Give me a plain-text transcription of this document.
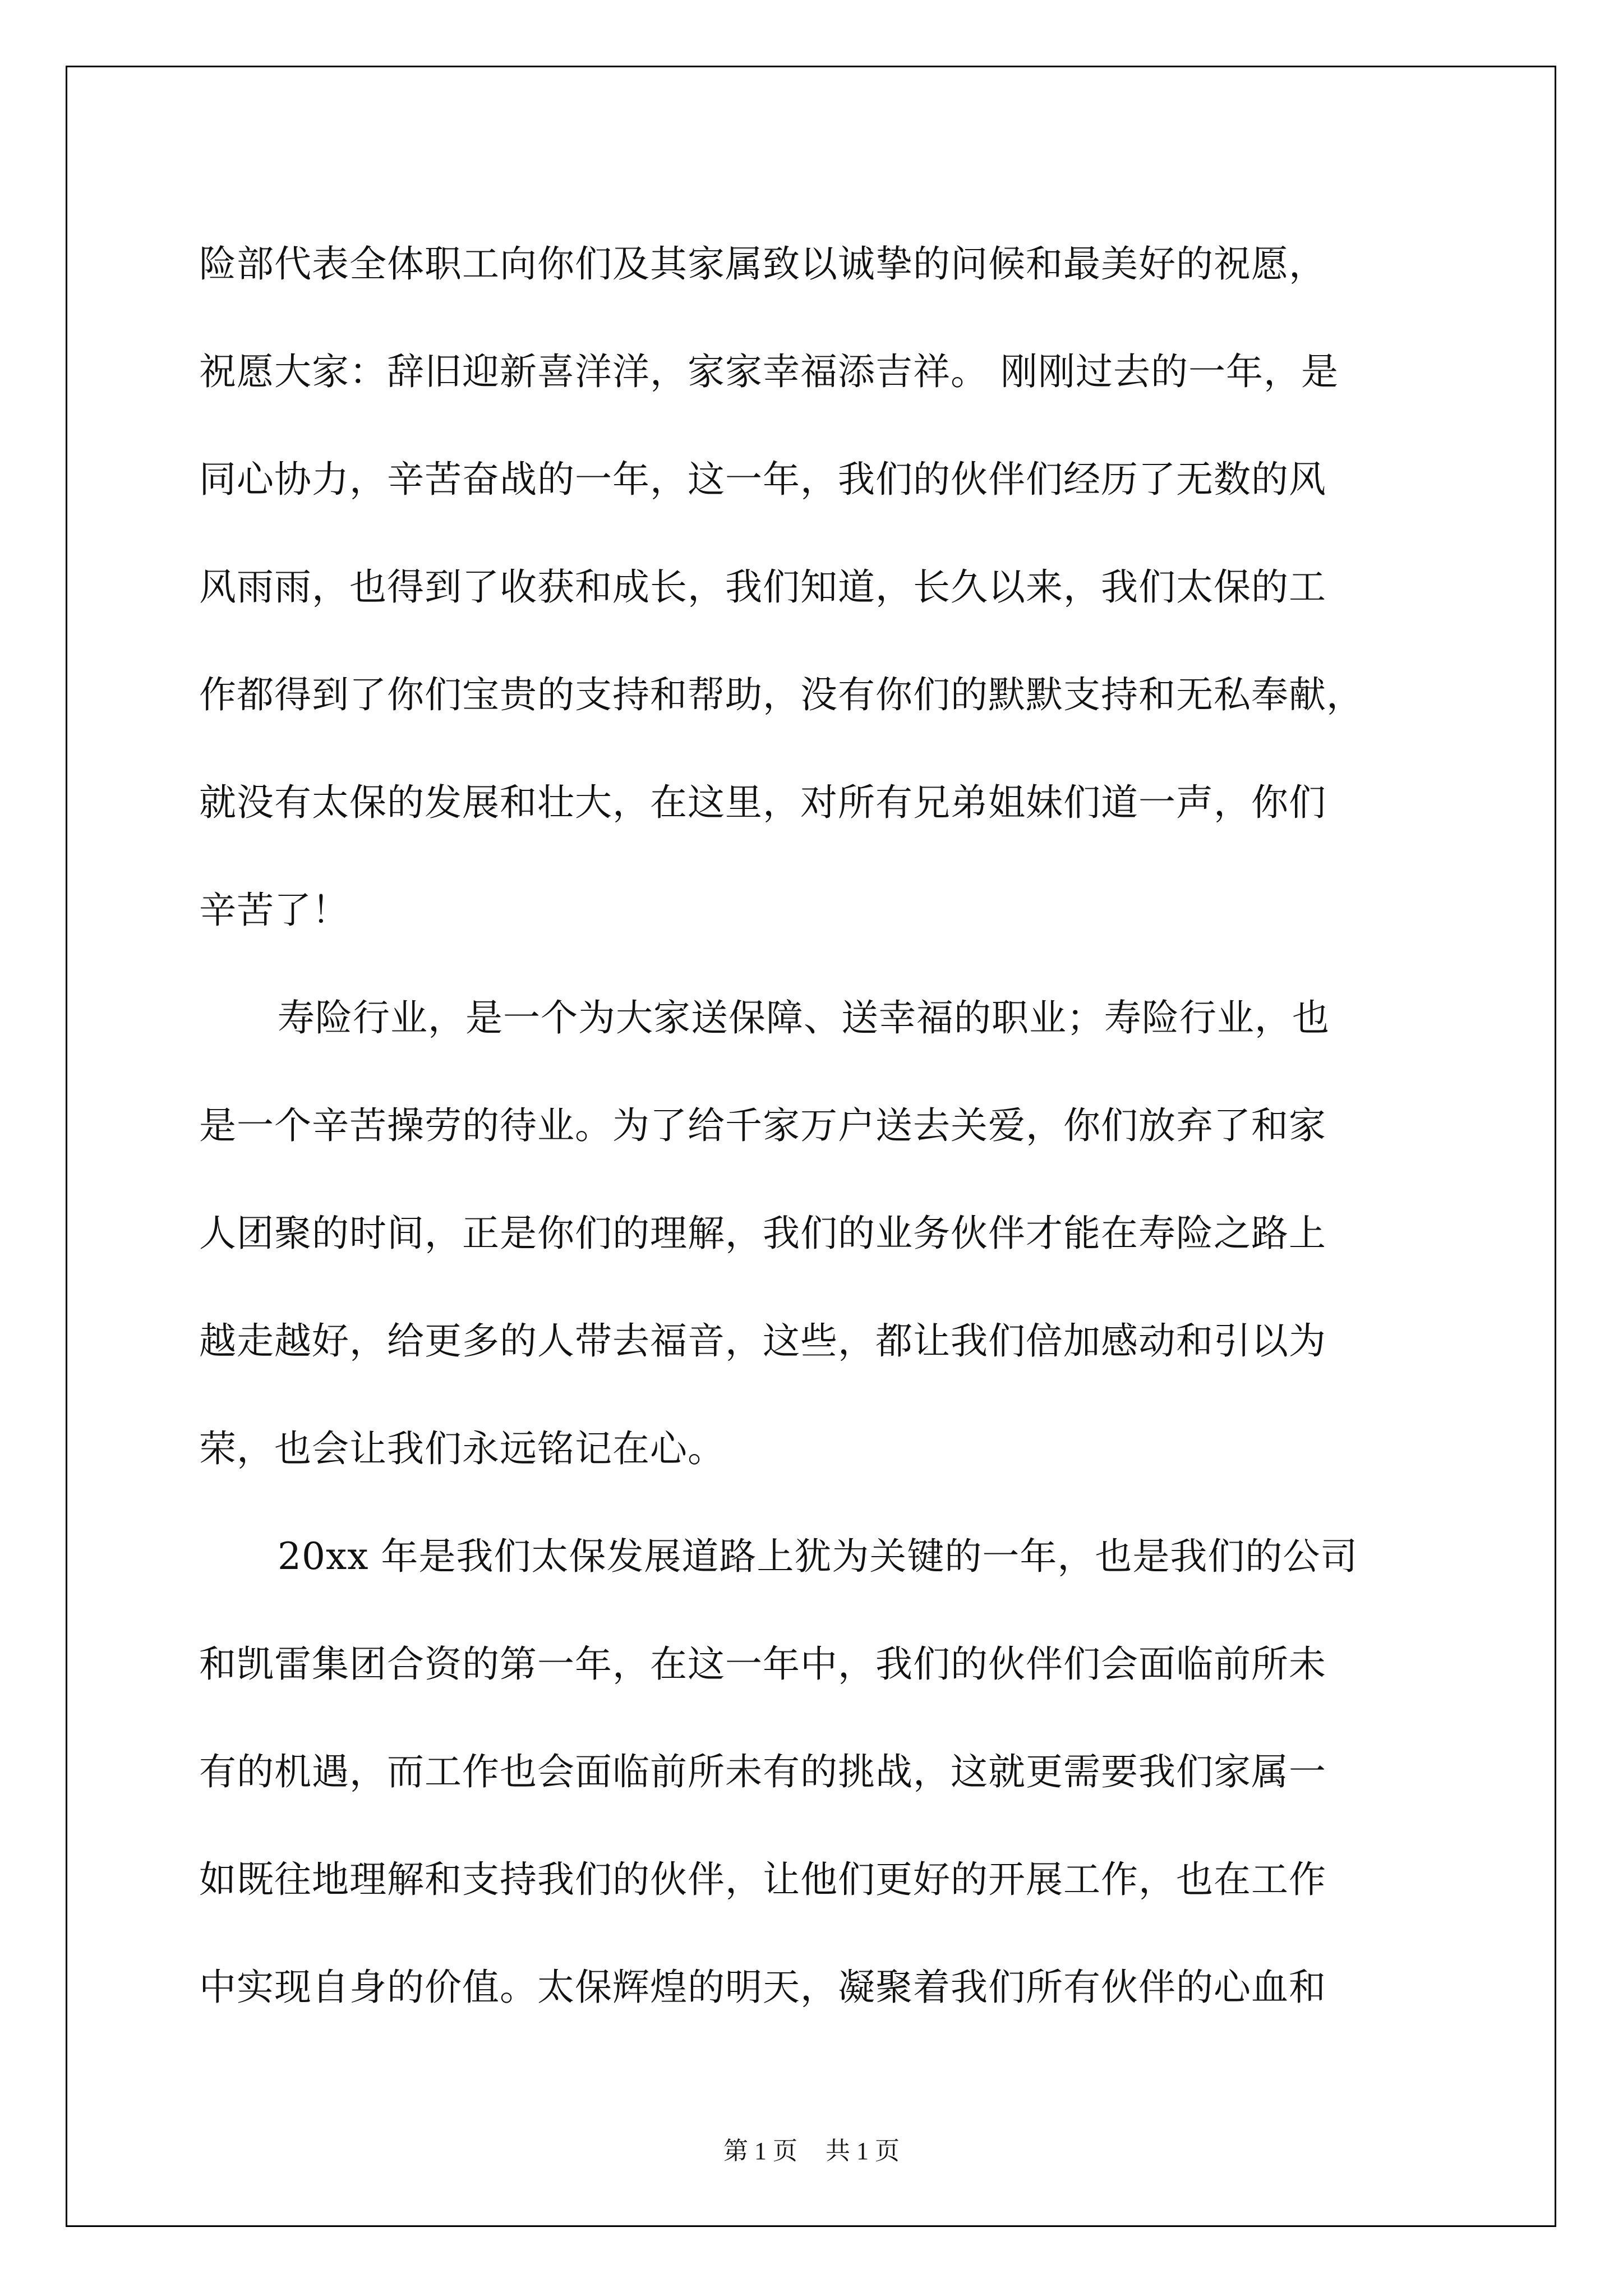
险部代表全体职工向你们及其家属致以诚挚的问候和最美好的祝愿，
祝愿大家：辞旧迎新喜洋洋，家家幸福添吉祥。 刚刚过去的一年，是
同心协力，辛苦奋战的一年，这一年，我们的伙伴们经历了无数的风
风雨雨，也得到了收获和成长，我们知道，长久以来，我们太保的工
作都得到了你们宝贵的支持和帮助，没有你们的默默支持和无私奉献，
就没有太保的发展和壮大，在这里，对所有兄弟姐妹们道一声，你们
辛苦了！
寿险行业，是一个为大家送保障、送幸福的职业；寿险行业，也
是一个辛苦操劳的待业。为了给千家万户送去关爱，你们放弃了和家
人团聚的时间，正是你们的理解，我们的业务伙伴才能在寿险之路上
越走越好，给更多的人带去福音，这些，都让我们倍加感动和引以为
荣，也会让我们永远铭记在心。
20xx 年是我们太保发展道路上犹为关键的一年，也是我们的公司
和凯雷集团合资的第一年，在这一年中，我们的伙伴们会面临前所未
有的机遇，而工作也会面临前所未有的挑战，这就更需要我们家属一
如既往地理解和支持我们的伙伴，让他们更好的开展工作，也在工作
中实现自身的价值。太保辉煌的明天，凝聚着我们所有伙伴的心血和
第 1 页 共 1 页
